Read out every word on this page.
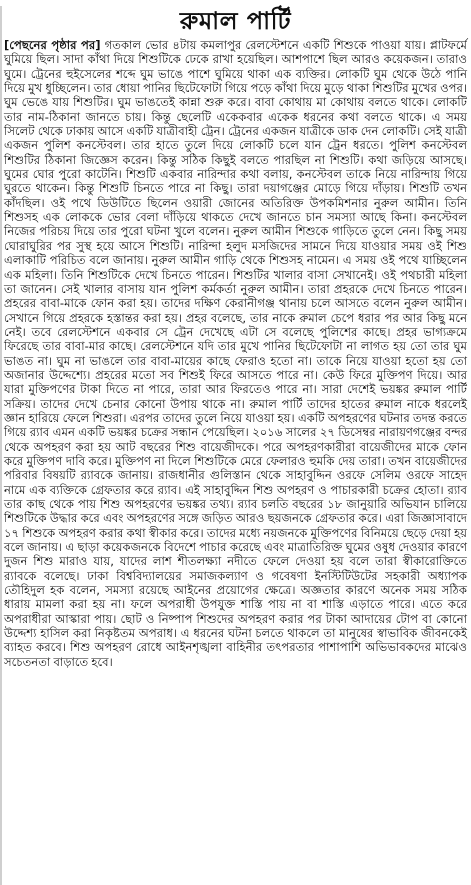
রুমাল পার্টি
[পেছনের পৃষ্ঠার পর] গতকাল ভোর ৪টায় কমলাপুর রেলস্টেশনে একটি শিশুকে পাওয়া যায়। প্লাটফর্মে ঘুমিয়ে ছিল। সাদা কাঁথা দিয়ে শিশুটিকে ঢেকে রাখা হয়েছিল। আশপাশে ছিল আরও কয়েকজন। তারাও ঘুমে। ট্রেনের হুইসেলের শব্দে ঘুম ভাঙে পাশে ঘুমিয়ে থাকা এক ব্যক্তির। লোকটি ঘুম থেকে উঠে পানি দিয়ে মুখ ধুচ্ছিলেন। তার ধোয়া পানির ছিটেফোটা গিয়ে পড়ে কাঁথা দিয়ে মুড়ে থাকা শিশুটির মুখের ওপর। ঘুম ভেঙে যায় শিশুটির। ঘুম ভাঙতেই কান্না শুরু করে। বাবা কোথায় মা কোথায় বলতে থাকে। লোকটি তার নাম-ঠিকানা জানতে চায়। কিন্তু ছেলেটি একেকবার একেক ধরনের কথা বলতে থাকে। এ সময় সিলেট থেকে ঢাকায় আসে একটি যাত্রীবাহী ট্রেন। ট্রেনের একজন যাত্রীকে ডাক দেন লোকটি। সেই যাত্রী একজন পুলিশ কনস্টেবল। তার হাতে তুলে দিয়ে লোকটি চলে যান ট্রেন ধরতে। পুলিশ কনস্টেবল শিশুটির ঠিকানা জিজ্ঞেস করেন। কিন্তু সঠিক কিছুই বলতে পারছিল না শিশুটি। কথা জড়িয়ে আসছে। ঘুমের ঘোর পুরো কাটেনি। শিশুটি একবার নারিন্দার কথা বলায়, কনস্টেবল তাকে নিয়ে নারিন্দায় গিয়ে ঘুরতে থাকেন। কিন্তু শিশুটি চিনতে পারে না কিছু। তারা দয়াগঞ্জের মোড়ে গিয়ে দাঁড়ায়। শিশুটি তখন কাঁদছিল। ওই পথে ডিউটিতে ছিলেন ওয়ারী জোনের অতিরিক্ত উপকমিশনার নুরুল আমীন। তিনি শিশুসহ এক লোককে ভোর বেলা দাঁড়িয়ে থাকতে দেখে জানতে চান সমস্যা আছে কিনা। কনস্টেবল নিজের পরিচয় দিয়ে তার পুরো ঘটনা খুলে বলেন। নুরুল আমীন শিশুকে গাড়িতে তুলে নেন। কিছু সময় ঘোরাঘুরির পর সুস্থ হয়ে আসে শিশুটি। নারিন্দা হলুদ মসজিদের সামনে দিয়ে যাওয়ার সময় ওই শিশু এলাকাটি পরিচিত বলে জানায়। নুরুল আমীন গাড়ি থেকে শিশুসহ নামেন। এ সময় ওই পথে যাচ্ছিলেন এক মহিলা। তিনি শিশুটিকে দেখে চিনতে পারেন। শিশুটির খালার বাসা সেখানেই। ওই পথচারী মহিলা তা জানেন। সেই খালার বাসায় যান পুলিশ কর্মকর্তা নুরুল আমীন। তারা প্রহরকে দেখে চিনতে পারেন। প্রহরের বাবা-মাকে ফোন করা হয়। তাদের দক্ষিণ কেরানীগঞ্জ থানায় চলে আসতে বলেন নুরুল আমীন। সেখানে গিয়ে প্রহরকে হস্তান্তর করা হয়। প্রহর বলেছে, তার নাকে রুমাল চেপে ধরার পর আর কিছু মনে নেই। তবে রেলস্টেশনে একবার সে ট্রেন দেখেছে এটা সে বলেছে পুলিশের কাছে। প্রহর ভাগ্যক্রমে ফিরেছে তার বাবা-মার কাছে। রেলস্টেশনে যদি তার মুখে পানির ছিটেফোটা না লাগত হয় তো তার ঘুম ভাঙত না। ঘুম না ভাঙলে তার বাবা-মায়ের কাছে ফেরাও হতো না। তাকে নিয়ে যাওয়া হতো হয় তো অজানার উদ্দেশ্যে। প্রহরের মতো সব শিশুই ফিরে আসতে পারে না। কেউ ফিরে মুক্তিপণ দিয়ে। আর যারা মুক্তিপণের টাকা দিতে না পারে, তারা আর ফিরতেও পারে না। সারা দেশেই ভয়ঙ্কর রুমাল পার্টি সক্রিয়। তাদের দেখে চেনার কোনো উপায় থাকে না। রুমাল পার্টি তাদের হাতের রুমাল নাকে ধরলেই জ্ঞান হারিয়ে ফেলে শিশুরা। এরপর তাদের তুলে নিয়ে যাওয়া হয়। একটি অপহরণের ঘটনার তদন্ত করতে গিয়ে র‌্যাব এমন একটি ভয়ঙ্কর চক্রের সন্ধান পেয়েছিল। ২০১৬ সালের ২৭ ডিসেম্বর নারায়ণগঞ্জের বন্দর থেকে অপহরণ করা হয় আট বছরের শিশু বায়েজীদকে। পরে অপহরণকারীরা বায়েজীদের মাকে ফোন করে মুক্তিপণ দাবি করে। মুক্তিপণ না দিলে শিশুটিকে মেরে ফেলারও হুমকি দেয় তারা। তখন বায়েজীদের পরিবার বিষয়টি র‌্যাবকে জানায়। রাজধানীর গুলিস্তান থেকে সাহাবুদ্দিন ওরফে সেলিম ওরফে সাহেদ নামে এক ব্যক্তিকে গ্রেফতার করে র‌্যাব। এই সাহাবুদ্দিন শিশু অপহরণ ও পাচারকারী চক্রের হোতা। র‌্যাব তার কাছ থেকে পায় শিশু অপহরণের ভয়ঙ্কর তথ্য। র‌্যাব চলতি বছরের ১৮ জানুয়ারি অভিযান চালিয়ে শিশুটিকে উদ্ধার করে এবং অপহরণের সঙ্গে জড়িত আরও ছয়জনকে গ্রেফতার করে। এরা জিজ্ঞাসাবাদে ১৭ শিশুকে অপহরণ করার কথা স্বীকার করে। তাদের মধ্যে নয়জনকে মুক্তিপণের বিনিময়ে ছেড়ে দেয়া হয় বলে জানায়। এ ছাড়া কয়েকজনকে বিদেশে পাচার করেছে এবং মাত্রাতিরিক্ত ঘুমের ওষুধ দেওয়ার কারণে দুজন শিশু মারাও যায়, যাদের লাশ শীতলক্ষ্যা নদীতে ফেলে দেওয়া হয় বলে তারা স্বীকারোক্তিতে র‌্যাবকে বলেছে। ঢাকা বিশ্ববিদ্যালয়ের সমাজকল্যাণ ও গবেষণা ইনস্টিটিউটের সহকারী অধ্যাপক তৌহিদুল হক বলেন, সমস্যা রয়েছে আইনের প্রয়োগের ক্ষেত্রে। অজ্ঞতার কারণে অনেক সময় সঠিক ধারায় মামলা করা হয় না। ফলে অপরাধী উপযুক্ত শাস্তি পায় না বা শাস্তি এড়াতে পারে। এতে করে অপরাধীরা আস্কারা পায়। ছোট ও নিষ্পাপ শিশুদের অপহরণ করার পর টাকা আদায়ের টোপ বা কোনো উদ্দেশ্য হাসিল করা নিকৃষ্টতম অপরাধ। এ ধরনের ঘটনা চলতে থাকলে তা মানুষের স্বাভাবিক জীবনকেই ব্যাহত করবে। শিশু অপহরণ রোধে আইনশৃঙ্খলা বাহিনীর তৎপরতার পাশাপাশি অভিভাবকদের মাঝেও সচেতনতা বাড়াতে হবে।
